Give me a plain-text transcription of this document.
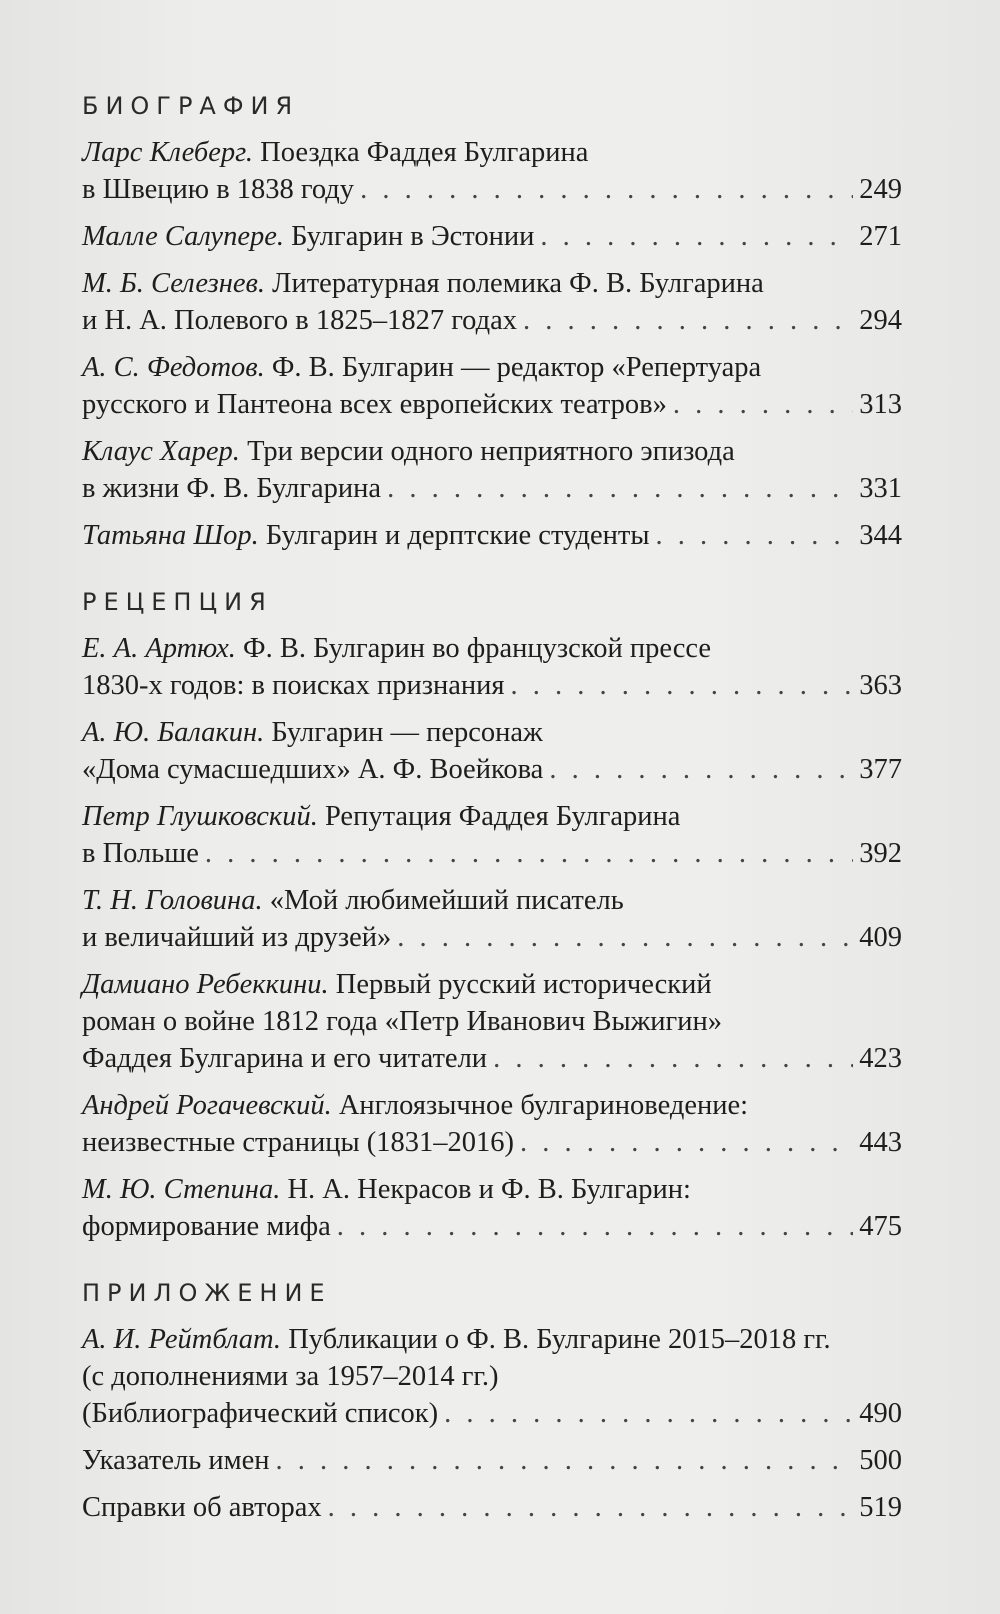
БИОГРАФИЯ
Ларс Клеберг. Поездка Фаддея Булгарина
в Швецию в 1838 году . . .	249
Малле Салупере. Булгарин в Эстонии . . .	271
М. Б. Селезнев. Литературная полемика Ф. В. Булгарина
и Н. А. Полевого в 1825–1827 годах . . .	294
А. С. Федотов. Ф. В. Булгарин — редактор «Репертуара
русского и Пантеона всех европейских театров» . . .	313
Клаус Харер. Три версии одного неприятного эпизода
в жизни Ф. В. Булгарина . . .	331
Татьяна Шор. Булгарин и дерптские студенты . . .	344
РЕЦЕПЦИЯ
Е. А. Артюх. Ф. В. Булгарин во французской прессе
1830-х годов: в поисках признания . . .	363
А. Ю. Балакин. Булгарин — персонаж
«Дома сумасшедших» А. Ф. Воейкова . . .	377
Петр Глушковский. Репутация Фаддея Булгарина
в Польше . . .	392
Т. Н. Головина. «Мой любимейший писатель
и величайший из друзей» . . .	409
Дамиано Ребеккини. Первый русский исторический
роман о войне 1812 года «Петр Иванович Выжигин»
Фаддея Булгарина и его читатели . . .	423
Андрей Рогачевский. Англоязычное булгариноведение:
неизвестные страницы (1831–2016) . . .	443
М. Ю. Степина. Н. А. Некрасов и Ф. В. Булгарин:
формирование мифа . . .	475
ПРИЛОЖЕНИЕ
А. И. Рейтблат. Публикации о Ф. В. Булгарине 2015–2018 гг.
(с дополнениями за 1957–2014 гг.)
(Библиографический список) . . .	490
Указатель имен . . .	500
Справки об авторах . . .	519
